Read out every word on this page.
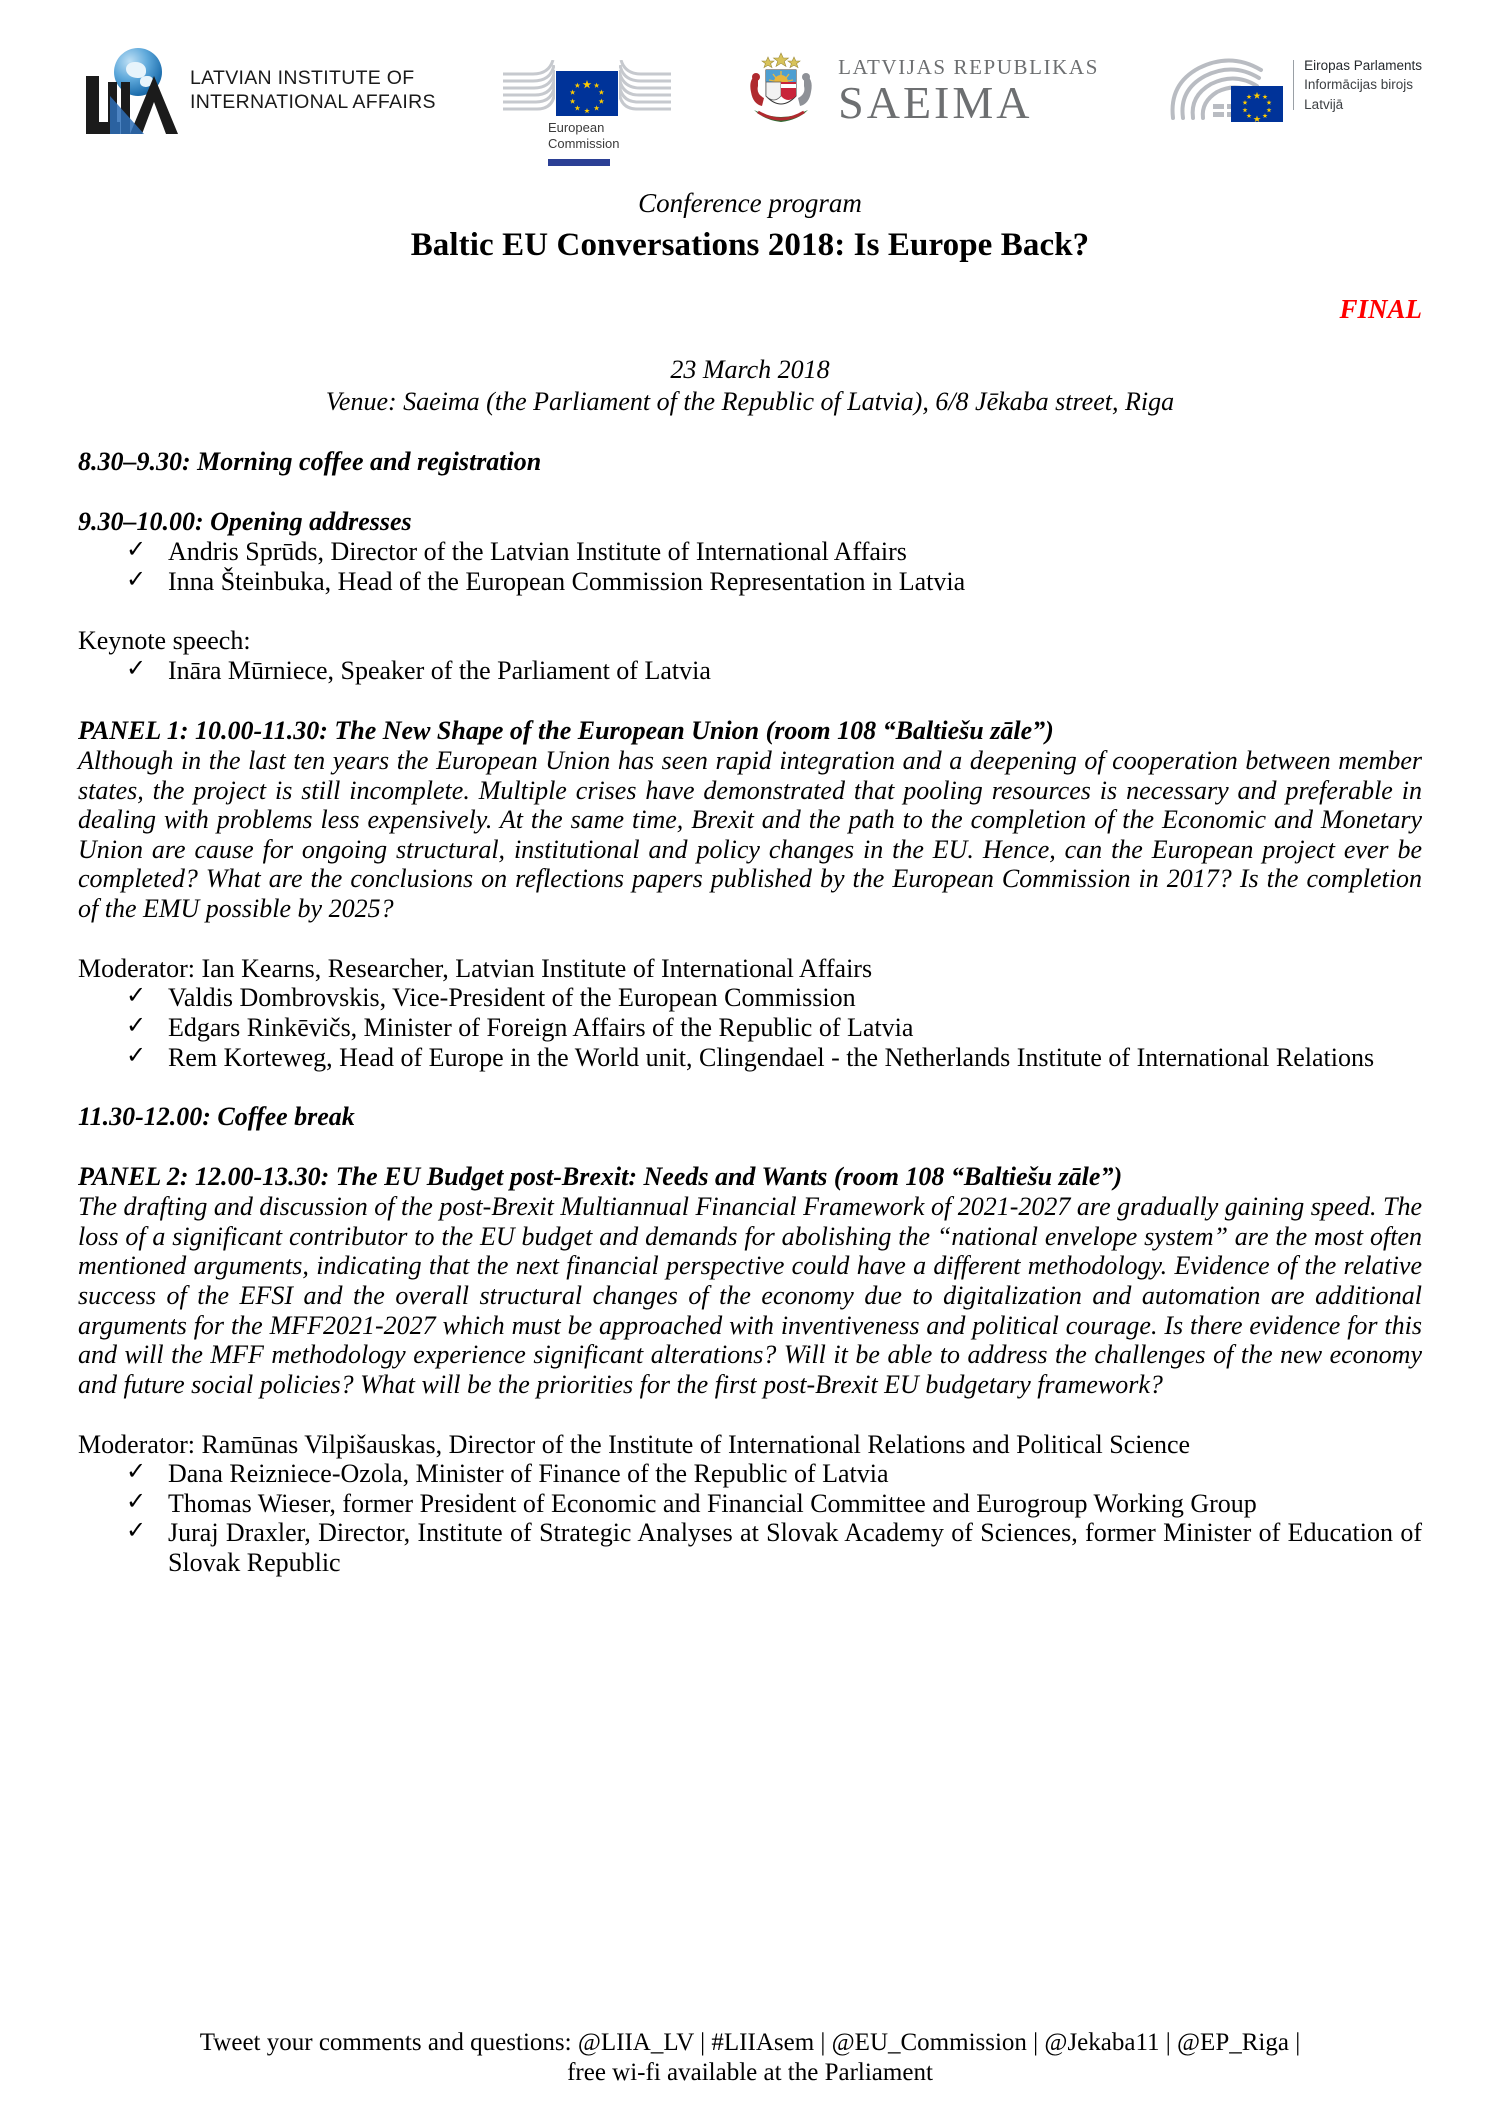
LATVIAN INSTITUTE OF
INTERNATIONAL AFFAIRS
European
Commission
LATVIJAS REPUBLIKAS
SAEIMA
Eiropas Parlaments
Informācijas birojs
Latvijā

Conference program

Baltic EU Conversations 2018: Is Europe Back?

FINAL

23 March 2018

Venue: Saeima (the Parliament of the Republic of Latvia), 6/8 Jēkaba street, Riga

8.30–9.30: Morning coffee and registration

9.30–10.00: Opening addresses

✓ Andris Sprūds, Director of the Latvian Institute of International Affairs
✓ Inna Šteinbuka, Head of the European Commission Representation in Latvia

Keynote speech:

✓ Ināra Mūrniece, Speaker of the Parliament of Latvia

PANEL 1: 10.00-11.30: The New Shape of the European Union (room 108 “Baltiešu zāle”)

Although in the last ten years the European Union has seen rapid integration and a deepening of cooperation between member states, the project is still incomplete. Multiple crises have demonstrated that pooling resources is necessary and preferable in dealing with problems less expensively. At the same time, Brexit and the path to the completion of the Economic and Monetary Union are cause for ongoing structural, institutional and policy changes in the EU. Hence, can the European project ever be completed? What are the conclusions on reflections papers published by the European Commission in 2017? Is the completion of the EMU possible by 2025?

Moderator: Ian Kearns, Researcher, Latvian Institute of International Affairs

✓ Valdis Dombrovskis, Vice-President of the European Commission
✓ Edgars Rinkēvičs, Minister of Foreign Affairs of the Republic of Latvia
✓ Rem Korteweg, Head of Europe in the World unit, Clingendael - the Netherlands Institute of International Relations

11.30-12.00: Coffee break

PANEL 2: 12.00-13.30: The EU Budget post-Brexit: Needs and Wants (room 108 “Baltiešu zāle”)

The drafting and discussion of the post-Brexit Multiannual Financial Framework of 2021-2027 are gradually gaining speed. The loss of a significant contributor to the EU budget and demands for abolishing the “national envelope system” are the most often mentioned arguments, indicating that the next financial perspective could have a different methodology. Evidence of the relative success of the EFSI and the overall structural changes of the economy due to digitalization and automation are additional arguments for the MFF2021-2027 which must be approached with inventiveness and political courage. Is there evidence for this and will the MFF methodology experience significant alterations? Will it be able to address the challenges of the new economy and future social policies? What will be the priorities for the first post-Brexit EU budgetary framework?

Moderator: Ramūnas Vilpišauskas, Director of the Institute of International Relations and Political Science

✓ Dana Reizniece-Ozola, Minister of Finance of the Republic of Latvia
✓ Thomas Wieser, former President of Economic and Financial Committee and Eurogroup Working Group
✓ Juraj Draxler, Director, Institute of Strategic Analyses at Slovak Academy of Sciences, former Minister of Education of Slovak Republic
Tweet your comments and questions: @LIIA_LV | #LIIAsem | @EU_Commission | @Jekaba11 | @EP_Riga |
free wi-fi available at the Parliament
